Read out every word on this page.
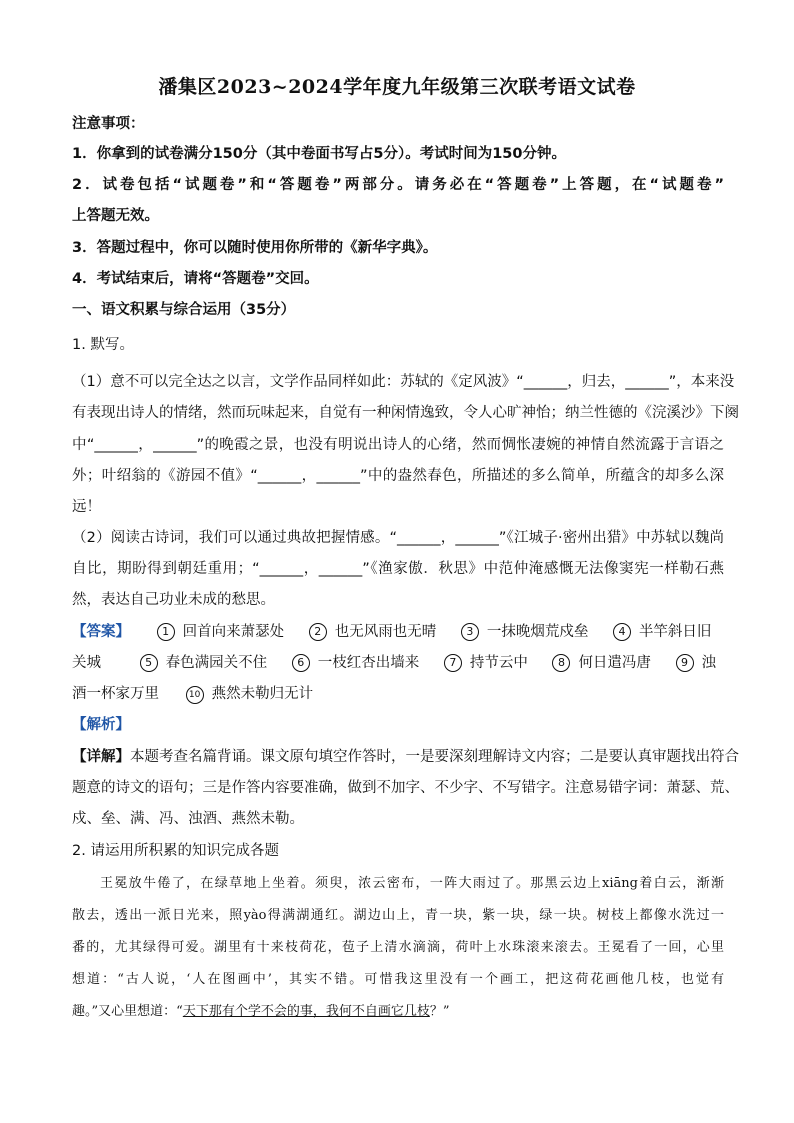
潘集区2023~2024学年度九年级第三次联考语文试卷
注意事项：
1．你拿到的试卷满分150分（其中卷面书写占5分）。考试时间为150分钟。
2．试卷包括“试题卷”和“答题卷”两部分。请务必在“答题卷”上答题，在“试题卷”
上答题无效。
3．答题过程中，你可以随时使用你所带的《新华字典》。
4．考试结束后，请将“答题卷”交回。
一、语文积累与综合运用（35分）
1. 默写。
（1）意不可以完全达之以言，文学作品同样如此：苏轼的《定风波》“______，归去，______”，本来没
有表现出诗人的情绪，然而玩味起来，自觉有一种闲情逸致，令人心旷神怡；纳兰性德的《浣溪沙》下阕
中“______，______”的晚霞之景，也没有明说出诗人的心绪，然而惆怅凄婉的神情自然流露于言语之
外；叶绍翁的《游园不值》“______，______”中的盎然春色，所描述的多么简单，所蕴含的却多么深
远！
（2）阅读古诗词，我们可以通过典故把握情感。“______，______”《江城子·密州出猎》中苏轼以魏尚
自比，期盼得到朝廷重用；“______，______”《渔家傲．秋思》中范仲淹感慨无法像窦宪一样勒石燕
然，表达自己功业未成的愁思。
【答案】	1 回首向来萧瑟处	2 也无风雨也无晴	3 一抹晚烟荒戍垒	4 半竿斜日旧
关城	5 春色满园关不住	6 一枝红杏出墙来	7 持节云中	8 何日遣冯唐	9 浊
酒一杯家万里	10 燕然未勒归无计
【解析】
【详解】本题考查名篇背诵。课文原句填空作答时，一是要深刻理解诗文内容；二是要认真审题找出符合
题意的诗文的语句；三是作答内容要准确，做到不加字、不少字、不写错字。注意易错字词：萧瑟、荒、
戍、垒、满、冯、浊酒、燕然未勒。
2. 请运用所积累的知识完成各题
王冕放牛倦了，在绿草地上坐着。须臾，浓云密布，一阵大雨过了。那黑云边上xiāng着白云，渐渐
散去，透出一派日光来，照yào得满湖通红。湖边山上，青一块，紫一块，绿一块。树枝上都像水洗过一
番的，尤其绿得可爱。湖里有十来枝荷花，苞子上清水滴滴，荷叶上水珠滚来滚去。王冕看了一回，心里
想道：“古人说，‘人在图画中’，其实不错。可惜我这里没有一个画工，把这荷花画他几枝，也觉有
趣。”又心里想道：“天下那有个学不会的事，我何不自画它几枝？”
